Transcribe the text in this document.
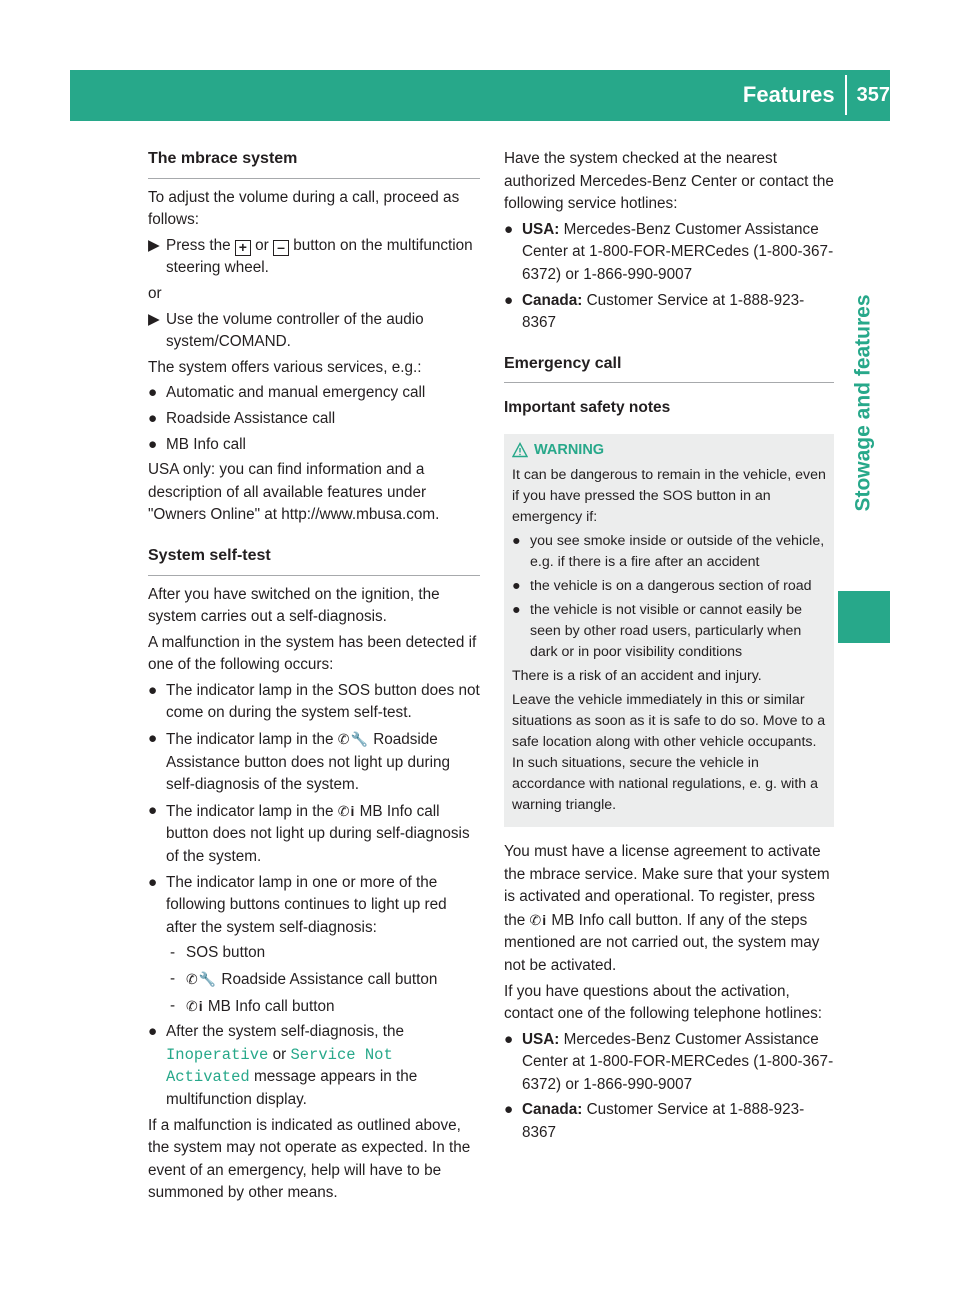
Features 357
Stowage and features
The mbrace system

To adjust the volume during a call, proceed as follows:

▶ Press the + or – button on the multifunction steering wheel.

or

▶ Use the volume controller of the audio system/COMAND.

The system offers various services, e.g.:

● Automatic and manual emergency call
● Roadside Assistance call
● MB Info call

USA only: you can find information and a description of all available features under "Owners Online" at http://www.mbusa.com.

System self-test

After you have switched on the ignition, the system carries out a self-diagnosis.

A malfunction in the system has been detected if one of the following occurs:

● The indicator lamp in the SOS button does not come on during the system self-test.
● The indicator lamp in the ✆🔧 Roadside Assistance button does not light up during self-diagnosis of the system.
● The indicator lamp in the ✆i MB Info call button does not light up during self-diagnosis of the system.
● The indicator lamp in one or more of the following buttons continues to light up red after the system self-diagnosis:
- SOS button
- ✆🔧 Roadside Assistance call button
- ✆i MB Info call button
● After the system self-diagnosis, the Inoperative or Service Not Activated message appears in the multifunction display.

If a malfunction is indicated as outlined above, the system may not operate as expected. In the event of an emergency, help will have to be summoned by other means.

Have the system checked at the nearest authorized Mercedes-Benz Center or contact the following service hotlines:

● USA: Mercedes-Benz Customer Assistance Center at 1-800-FOR-MERCedes (1-800-367-6372) or 1-866-990-9007
● Canada: Customer Service at 1-888-923-8367
Emergency call
Important safety notes
WARNING

It can be dangerous to remain in the vehicle, even if you have pressed the SOS button in an emergency if:

● you see smoke inside or outside of the vehicle, e.g. if there is a fire after an accident
● the vehicle is on a dangerous section of road
● the vehicle is not visible or cannot easily be seen by other road users, particularly when dark or in poor visibility conditions

There is a risk of an accident and injury.

Leave the vehicle immediately in this or similar situations as soon as it is safe to do so. Move to a safe location along with other vehicle occupants. In such situations, secure the vehicle in accordance with national regulations, e. g. with a warning triangle.

You must have a license agreement to activate the mbrace service. Make sure that your system is activated and operational. To register, press the ✆i MB Info call button. If any of the steps mentioned are not carried out, the system may not be activated.

If you have questions about the activation, contact one of the following telephone hotlines:

● USA: Mercedes-Benz Customer Assistance Center at 1-800-FOR-MERCedes (1-800-367-6372) or 1-866-990-9007
● Canada: Customer Service at 1-888-923-8367
